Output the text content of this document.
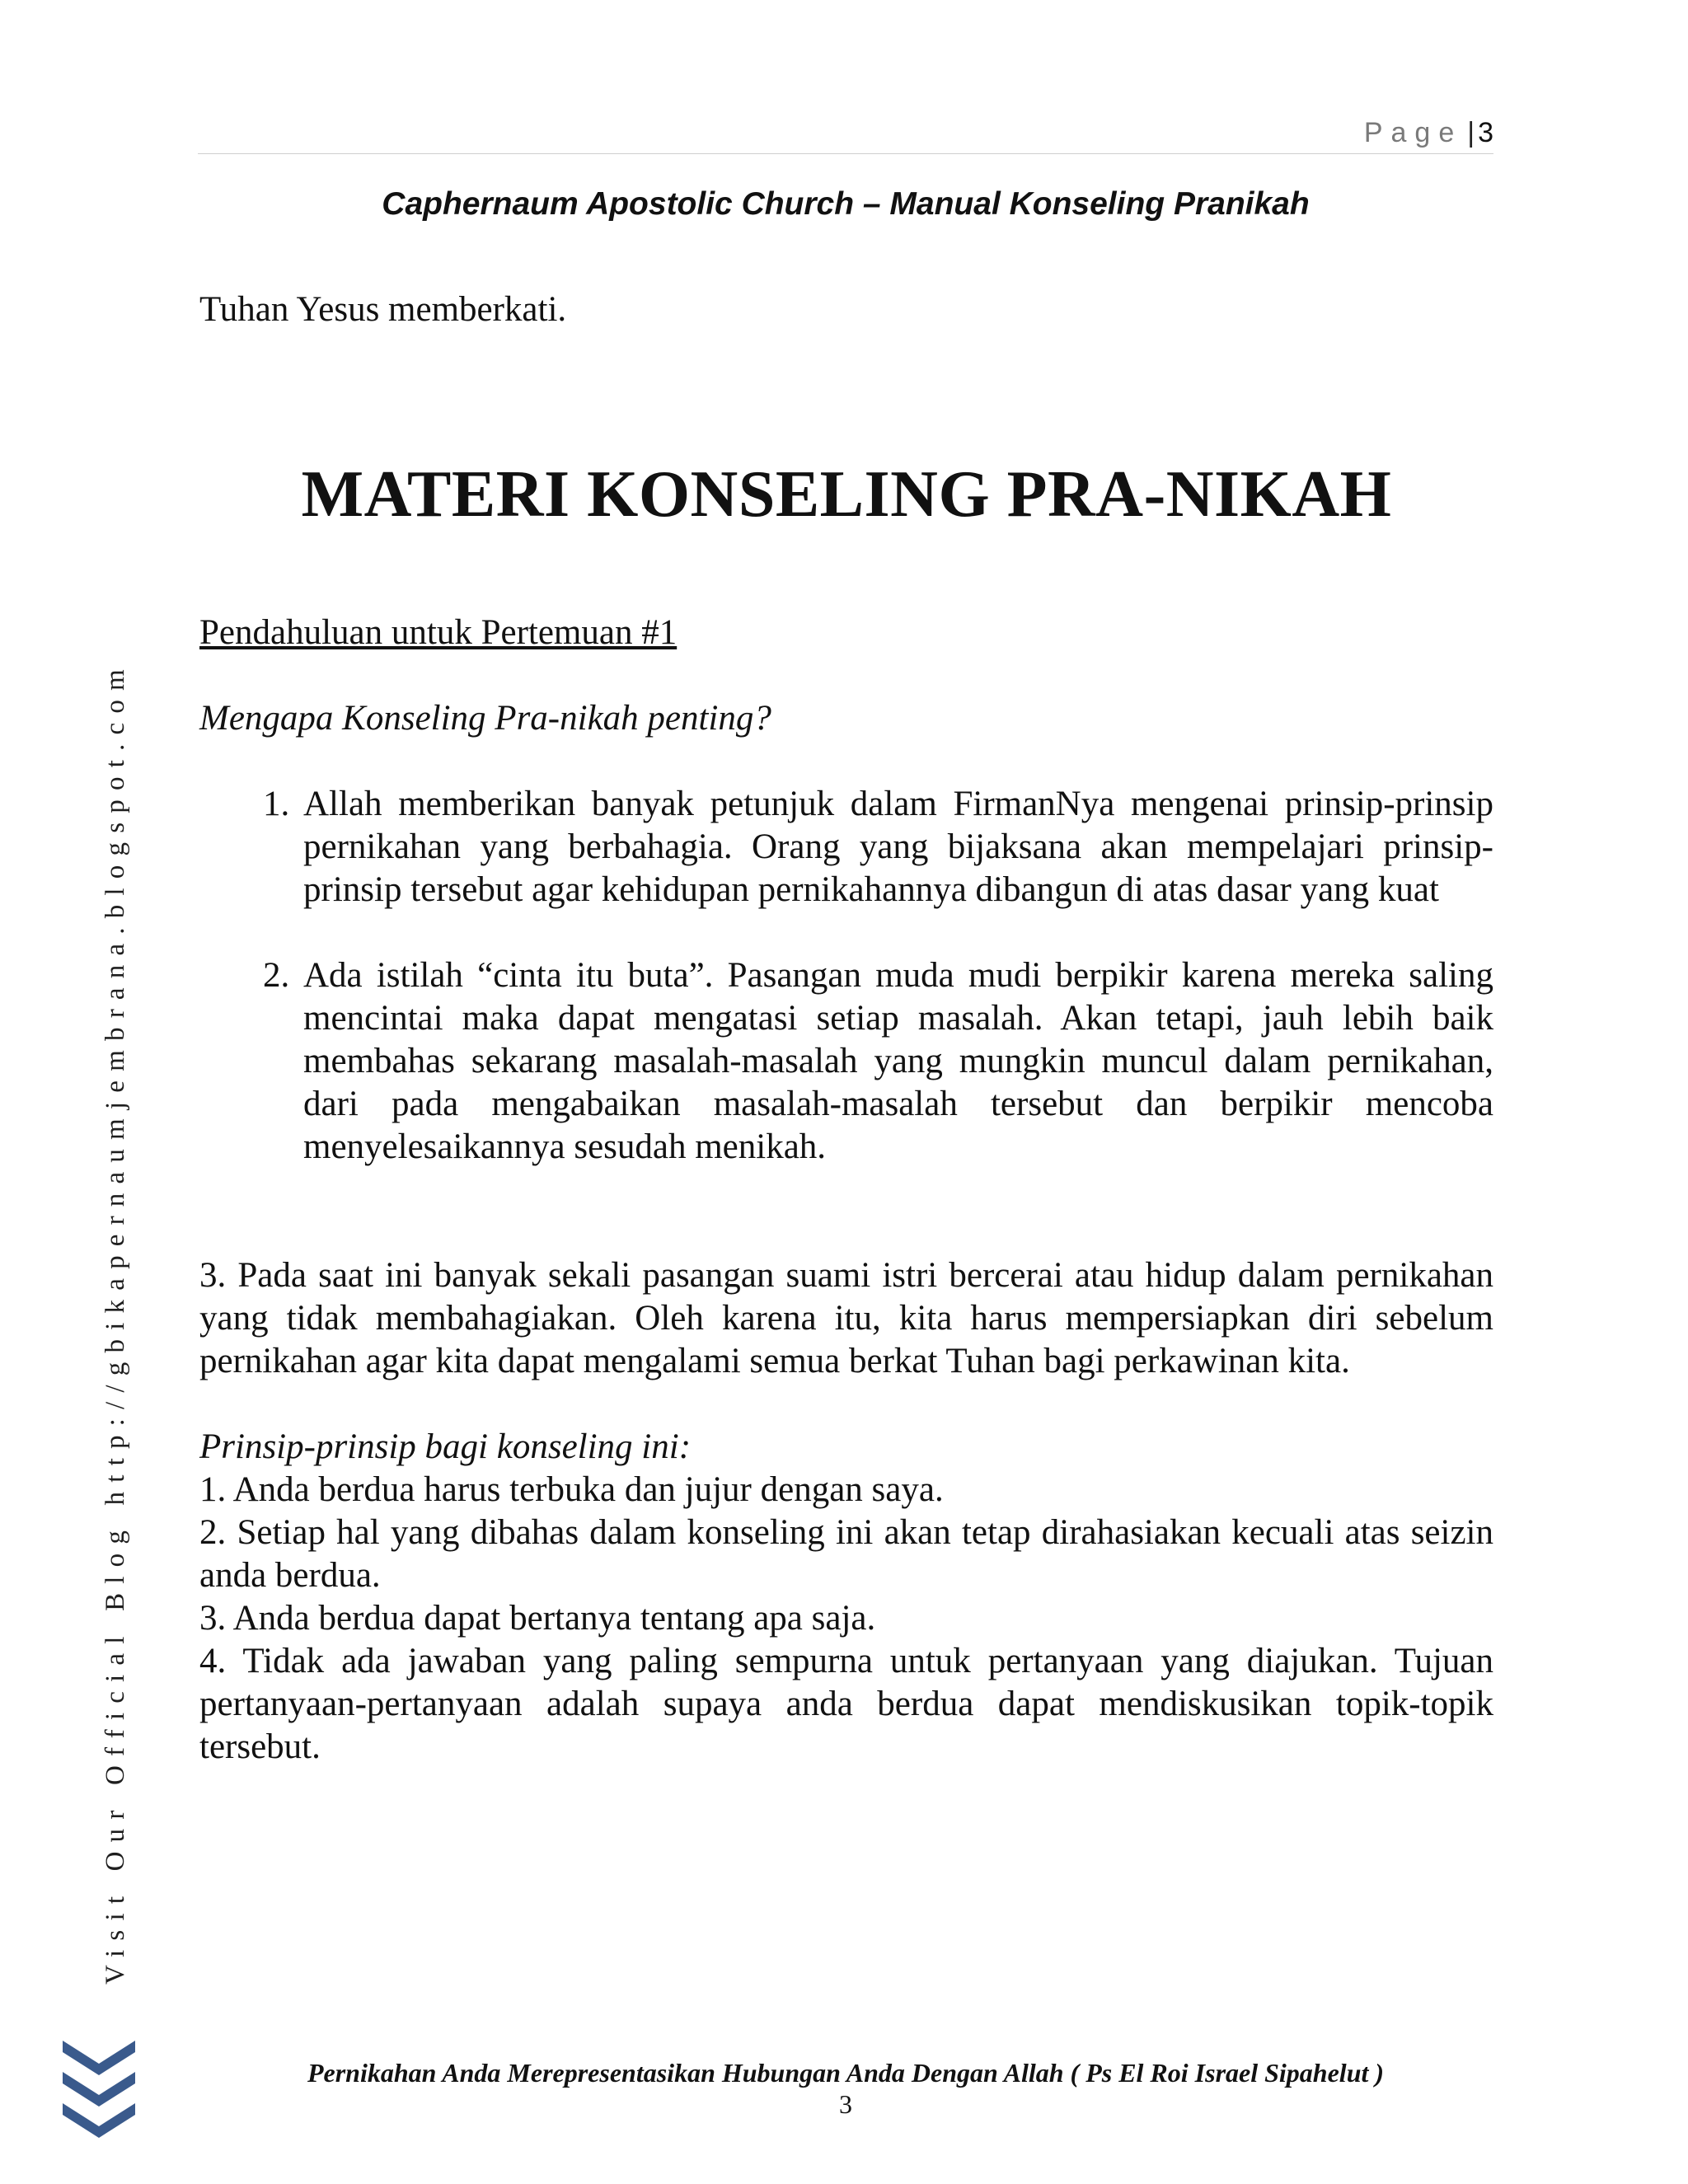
Page | 3
Caphernaum Apostolic Church – Manual Konseling Pranikah
Visit Our Official Blog http://gbikapernaumjembrana.blogspot.com

Tuhan Yesus memberkati.

MATERI KONSELING PRA-NIKAH

Pendahuluan untuk Pertemuan #1

Mengapa Konseling Pra-nikah penting?

1. Allah memberikan banyak petunjuk dalam FirmanNya mengenai prinsip-prinsip pernikahan yang berbahagia. Orang yang bijaksana akan mempelajari prinsip-prinsip tersebut agar kehidupan pernikahannya dibangun di atas dasar yang kuat
2. Ada istilah “cinta itu buta”. Pasangan muda mudi berpikir karena mereka saling mencintai maka dapat mengatasi setiap masalah. Akan tetapi, jauh lebih baik membahas sekarang masalah-masalah yang mungkin muncul dalam pernikahan, dari pada mengabaikan masalah-masalah tersebut dan berpikir mencoba menyelesaikannya sesudah menikah.

3. Pada saat ini banyak sekali pasangan suami istri bercerai atau hidup dalam pernikahan yang tidak membahagiakan. Oleh karena itu, kita harus mempersiapkan diri sebelum pernikahan agar kita dapat mengalami semua berkat Tuhan bagi perkawinan kita.

Prinsip-prinsip bagi konseling ini:

1. Anda berdua harus terbuka dan jujur dengan saya.

2. Setiap hal yang dibahas dalam konseling ini akan tetap dirahasiakan kecuali atas seizin anda berdua.

3. Anda berdua dapat bertanya tentang apa saja.

4. Tidak ada jawaban yang paling sempurna untuk pertanyaan yang diajukan. Tujuan pertanyaan-pertanyaan adalah supaya anda berdua dapat mendiskusikan topik-topik tersebut.

Pernikahan Anda Merepresentasikan Hubungan Anda Dengan Allah ( Ps El Roi Israel Sipahelut )
3
